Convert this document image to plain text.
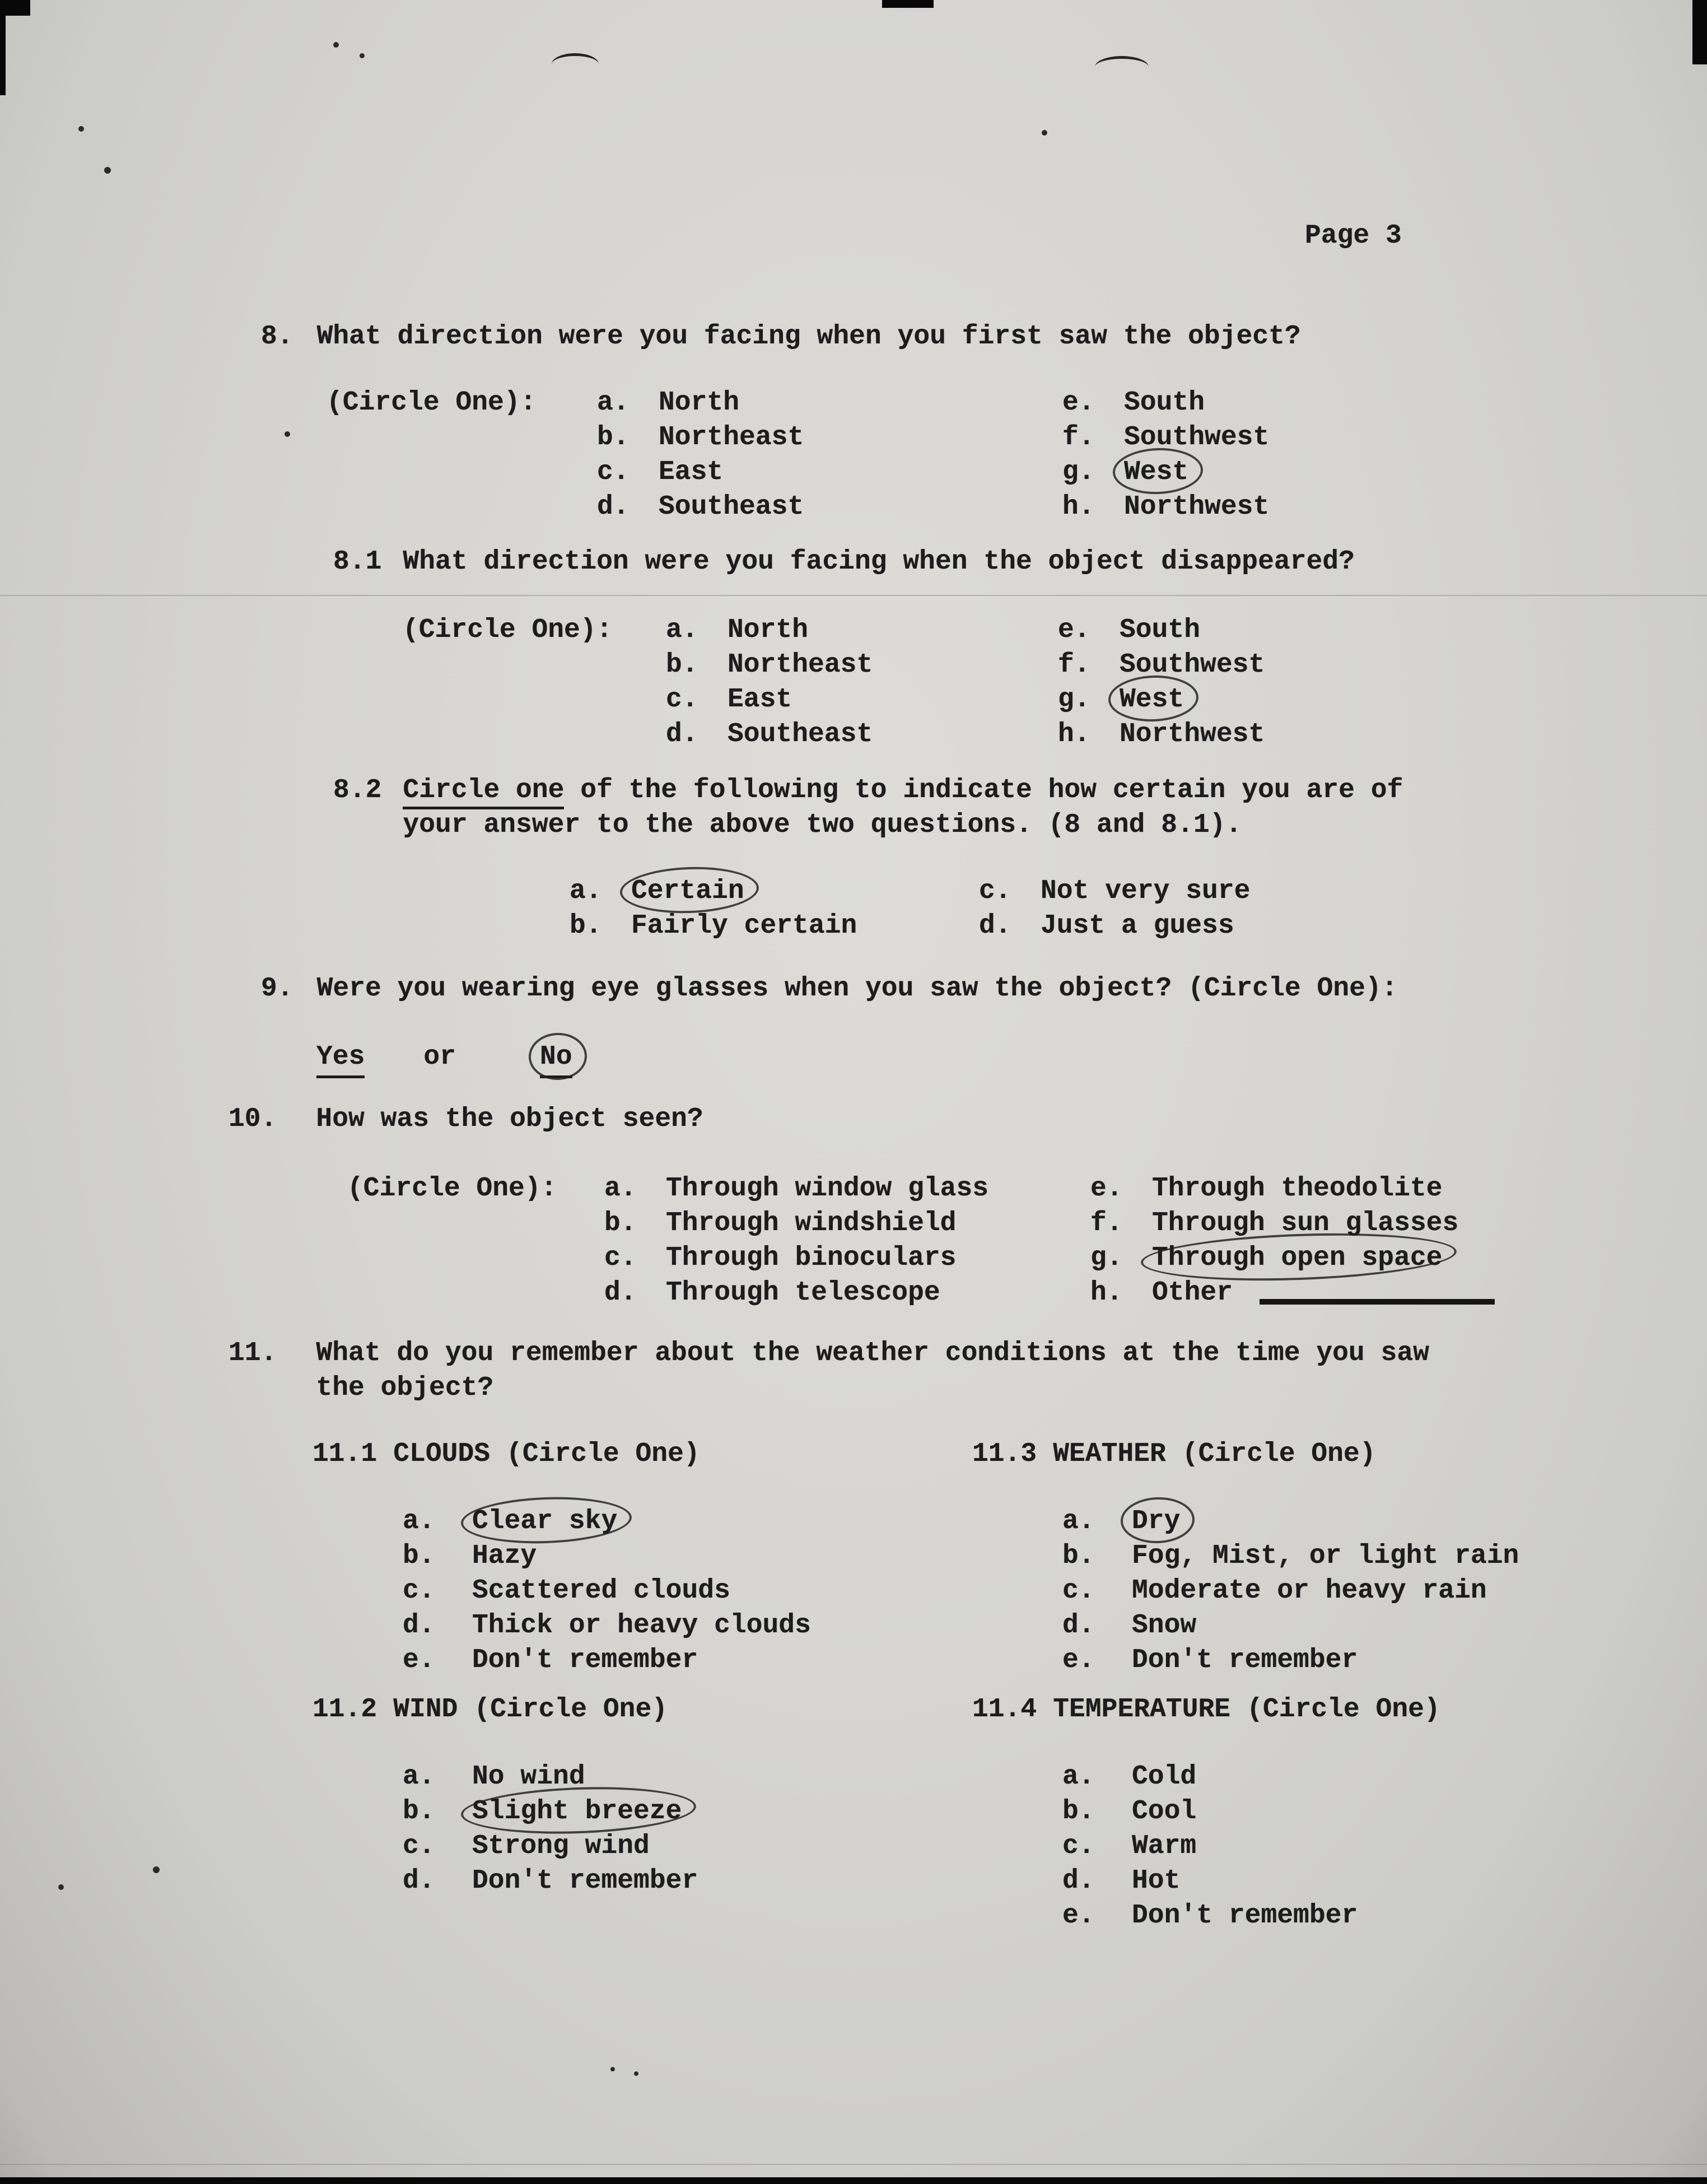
Page 3
8. What direction were you facing when you first saw the object?
(Circle One):	a.	North
b.	Northeast
c.	East
d.	Southeast
e.	South
f.	Southwest
g.	West
h.	Northwest
8.1 What direction were you facing when the object disappeared?
(Circle One):	a.	North
b.	Northeast
c.	East
d.	Southeast
e.	South
f.	Southwest
g.	West
h.	Northwest
8.2 Circle one of the following to indicate how certain you are of
your answer to the above two questions. (8 and 8.1).
a.	Certain
b.	Fairly certain
c.	Not very sure
d.	Just a guess
9. Were you wearing eye glasses when you saw the object? (Circle One):
Yes or	No
10. How was the object seen?
(Circle One):	a.	Through window glass
b.	Through windshield
c.	Through binoculars
d.	Through telescope
e.	Through theodolite
f.	Through sun glasses
g.	Through open space
h.	Other
11. What do you remember about the weather conditions at the time you saw
the object?
11.1 CLOUDS (Circle One)	11.3 WEATHER (Circle One)
a.	Clear sky
b.	Hazy
c.	Scattered clouds
d.	Thick or heavy clouds
e.	Don't remember
a.	Dry
b.	Fog, Mist, or light rain
c.	Moderate or heavy rain
d.	Snow
e.	Don't remember
11.2 WIND (Circle One)	11.4 TEMPERATURE (Circle One)
a.	No wind
b.	Slight breeze
c.	Strong wind
d.	Don't remember
a.	Cold
b.	Cool
c.	Warm
d.	Hot
e.	Don't remember
